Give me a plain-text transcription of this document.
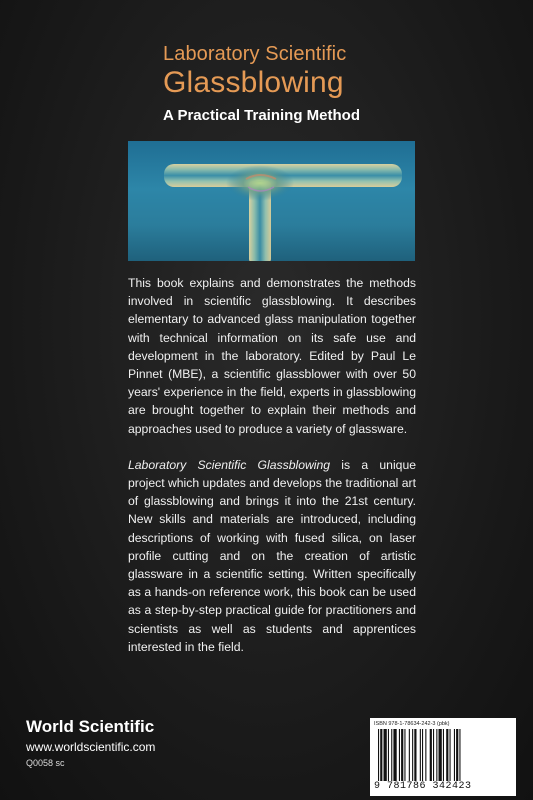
Laboratory Scientific
Glassblowing
A Practical Training Method

This book explains and demonstrates the methods involved in scientific glassblowing. It describes elementary to advanced glass manipulation together with technical information on its safe use and development in the laboratory. Edited by Paul Le Pinnet (MBE), a scientific glassblower with over 50 years' experience in the field, experts in glassblowing are brought together to explain their methods and approaches used to produce a variety of glassware.

Laboratory Scientific Glassblowing is a unique project which updates and develops the traditional art of glassblowing and brings it into the 21st century. New skills and materials are introduced, including descriptions of working with fused silica, on laser profile cutting and on the creation of artistic glassware in a scientific setting. Written specifically as a hands-on reference work, this book can be used as a step-by-step practical guide for practitioners and scientists as well as students and apprentices interested in the field.

World Scientific
www.worldscientific.com
Q0058 sc
ISBN 978-1-78634-242-3 (pbk)
9 781786 342423
